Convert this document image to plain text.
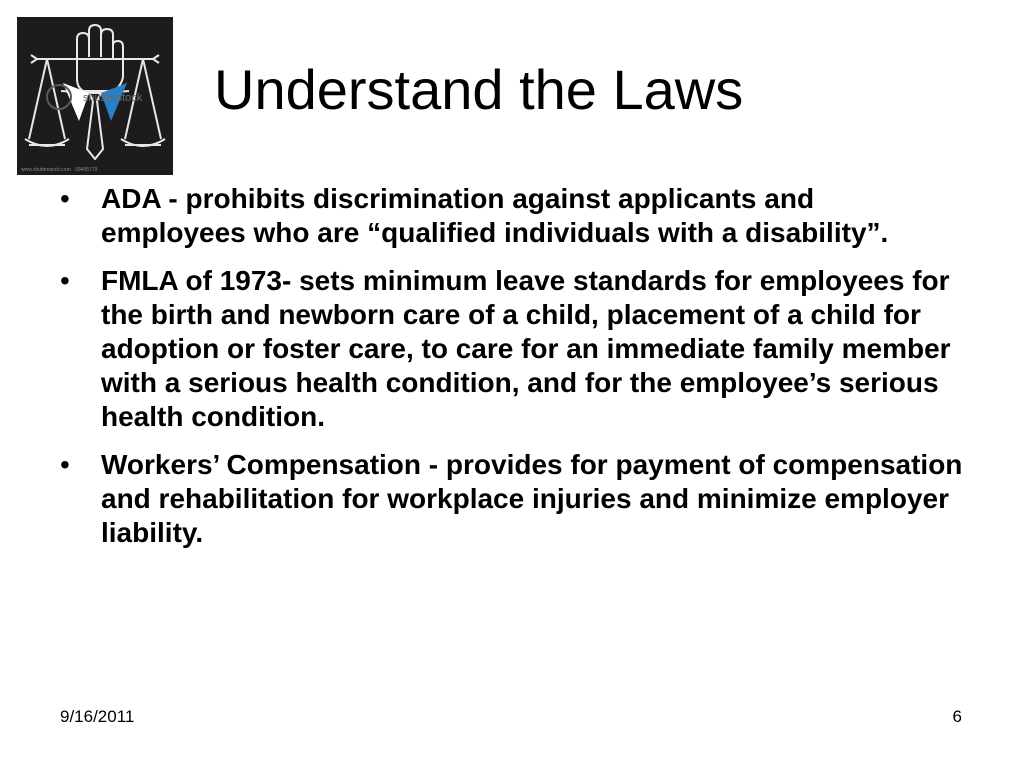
shutterstock
www.shutterstock.com · 68495779
Understand the Laws
• ADA - prohibits discrimination against applicants and employees who are “qualified individuals with a disability”.
• FMLA of 1973- sets minimum leave standards for employees for the birth and newborn care of a child, placement of a child for adoption or foster care, to care for an immediate family member with a serious health condition, and for the employee’s serious health condition.
• Workers’ Compensation - provides for payment of compensation and rehabilitation for workplace injuries and minimize employer liability.
9/16/2011	6
